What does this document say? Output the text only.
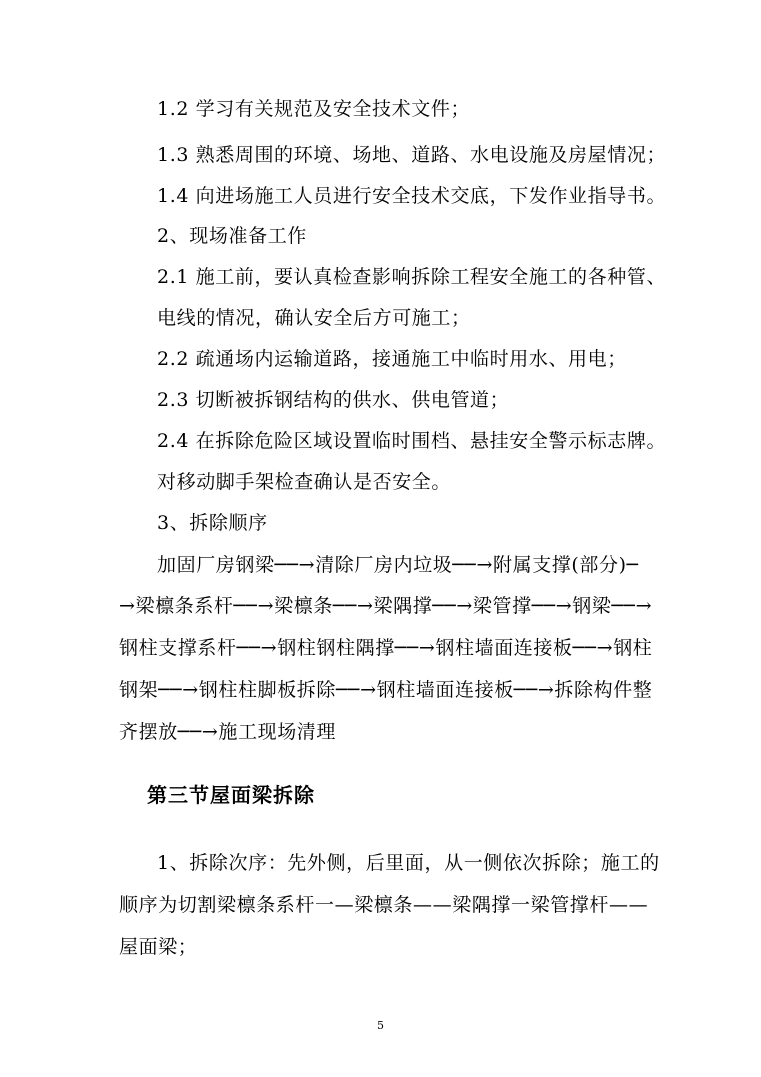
1.2 学习有关规范及安全技术文件；
1.3 熟悉周围的环境、场地、道路、水电设施及房屋情况；
1.4 向进场施工人员进行安全技术交底，下发作业指导书。
2、现场准备工作
2.1 施工前，要认真检查影响拆除工程安全施工的各种管、
电线的情况，确认安全后方可施工；
2.2 疏通场内运输道路，接通施工中临时用水、用电；
2.3 切断被拆钢结构的供水、供电管道；
2.4 在拆除危险区域设置临时围档、悬挂安全警示标志牌。
对移动脚手架检查确认是否安全。
3、拆除顺序
加固厂房钢梁──→清除厂房内垃圾──→附属支撑(部分)─
→梁檩条系杆──→梁檩条──→梁隅撑──→梁管撑──→钢梁──→
钢柱支撑系杆──→钢柱钢柱隅撑──→钢柱墙面连接板──→钢柱
钢架──→钢柱柱脚板拆除──→钢柱墙面连接板──→拆除构件整
齐摆放──→施工现场清理
第三节屋面梁拆除
1、拆除次序：先外侧，后里面，从一侧依次拆除；施工的
顺序为切割梁檩条系杆一—梁檩条——梁隅撑一梁管撑杆——
屋面梁；
5
